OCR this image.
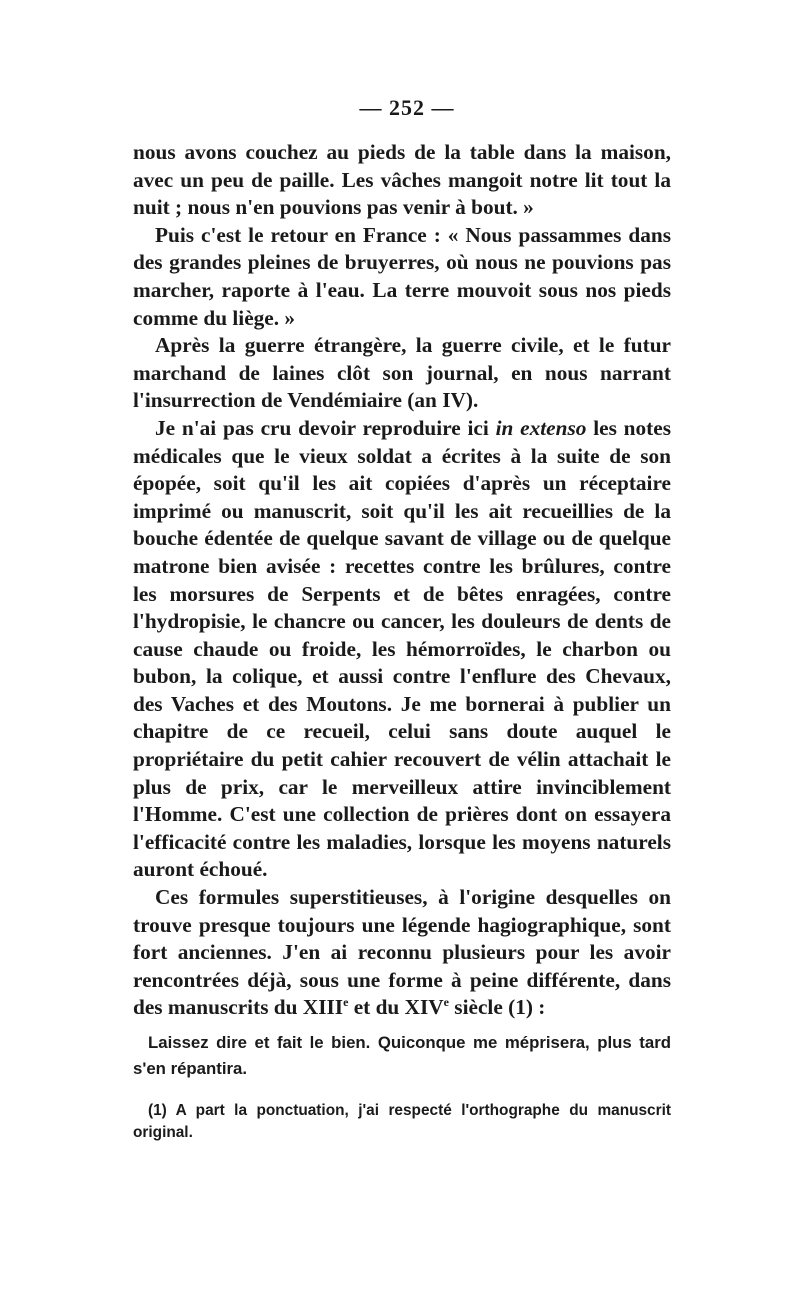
— 252 —

nous avons couchez au pieds de la table dans la maison, avec un peu de paille. Les vâches mangoit notre lit tout la nuit ; nous n'en pouvions pas venir à bout. »

Puis c'est le retour en France : « Nous passammes dans des grandes pleines de bruyerres, où nous ne pouvions pas marcher, raporte à l'eau. La terre mouvoit sous nos pieds comme du liège. »

Après la guerre étrangère, la guerre civile, et le futur marchand de laines clôt son journal, en nous narrant l'insurrection de Vendémiaire (an IV).

Je n'ai pas cru devoir reproduire ici in extenso les notes médicales que le vieux soldat a écrites à la suite de son épopée, soit qu'il les ait copiées d'après un réceptaire imprimé ou manuscrit, soit qu'il les ait recueillies de la bouche édentée de quelque savant de village ou de quelque matrone bien avisée : recettes contre les brûlures, contre les morsures de Serpents et de bêtes enragées, contre l'hydropisie, le chancre ou cancer, les douleurs de dents de cause chaude ou froide, les hémorroïdes, le charbon ou bubon, la colique, et aussi contre l'enflure des Chevaux, des Vaches et des Moutons. Je me bornerai à publier un chapitre de ce recueil, celui sans doute auquel le propriétaire du petit cahier recouvert de vélin attachait le plus de prix, car le merveilleux attire invinciblement l'Homme. C'est une collection de prières dont on essayera l'efficacité contre les maladies, lorsque les moyens naturels auront échoué.

Ces formules superstitieuses, à l'origine desquelles on trouve presque toujours une légende hagiographique, sont fort anciennes. J'en ai reconnu plusieurs pour les avoir rencontrées déjà, sous une forme à peine différente, dans des manuscrits du XIIIe et du XIVe siècle (1) :

Laissez dire et fait le bien. Quiconque me méprisera, plus tard s'en répantira.

(1) A part la ponctuation, j'ai respecté l'orthographe du manuscrit original.
